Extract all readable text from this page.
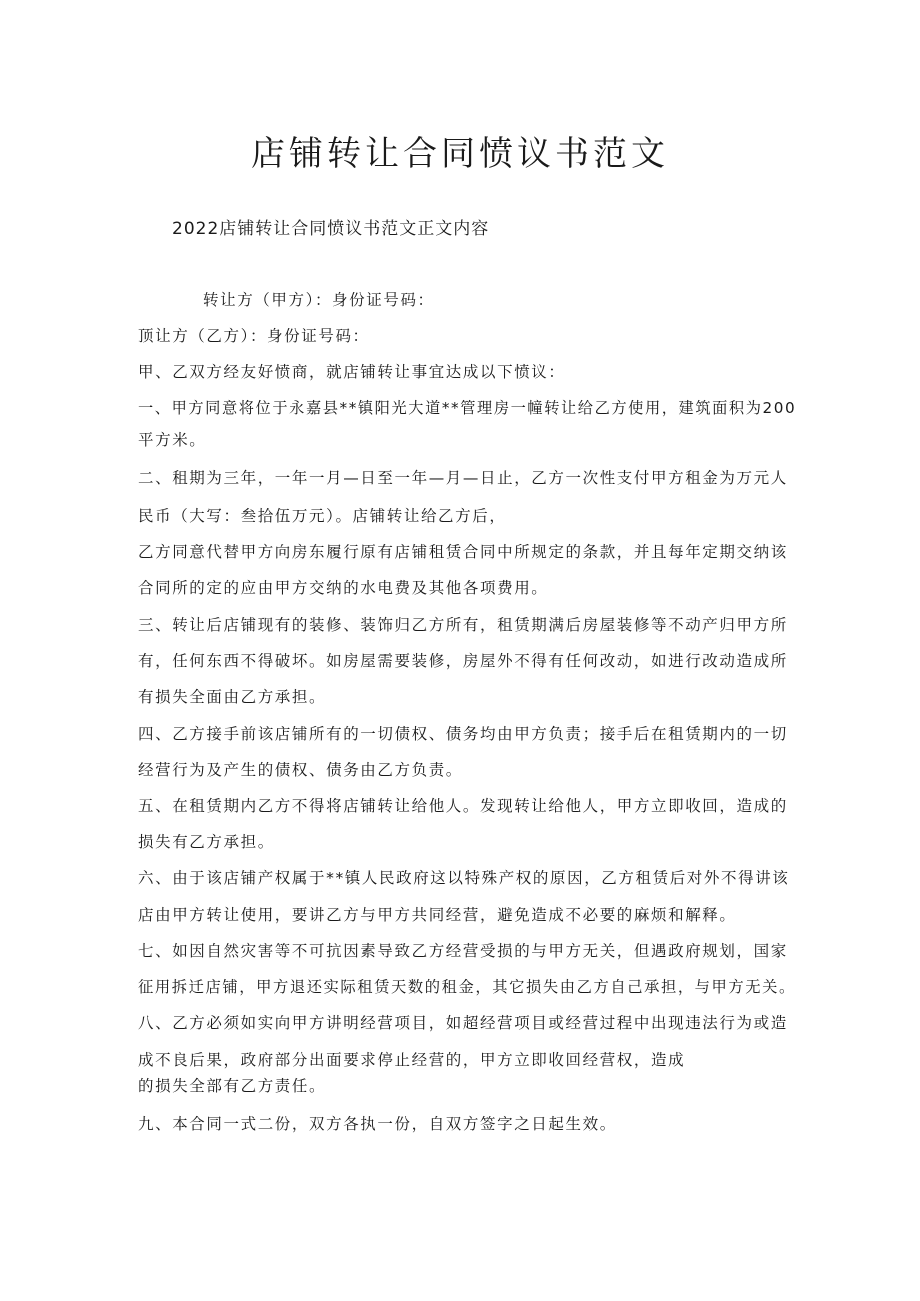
店铺转让合同愤议书范文
2022店铺转让合同愤议书范文正文内容
转让方（甲方）：身份证号码：
顶让方（乙方）：身份证号码：
甲、乙双方经友好愤商，就店铺转让事宜达成以下愤议：
一、甲方同意将位于永嘉县**镇阳光大道**管理房一幢转让给乙方使用，建筑面积为200
平方米。
二、租期为三年，一年一月—日至一年—月—日止，乙方一次性支付甲方租金为万元人
民币（大写：叁拾伍万元）。店铺转让给乙方后，
乙方同意代替甲方向房东履行原有店铺租赁合同中所规定的条款，并且每年定期交纳该
合同所的定的应由甲方交纳的水电费及其他各项费用。
三、转让后店铺现有的装修、装饰归乙方所有，租赁期满后房屋装修等不动产归甲方所
有，任何东西不得破坏。如房屋需要装修，房屋外不得有任何改动，如进行改动造成所
有损失全面由乙方承担。
四、乙方接手前该店铺所有的一切债权、债务均由甲方负责；接手后在租赁期内的一切
经营行为及产生的债权、债务由乙方负责。
五、在租赁期内乙方不得将店铺转让给他人。发现转让给他人，甲方立即收回，造成的
损失有乙方承担。
六、由于该店铺产权属于**镇人民政府这以特殊产权的原因，乙方租赁后对外不得讲该
店由甲方转让使用，要讲乙方与甲方共同经营，避免造成不必要的麻烦和解释。
七、如因自然灾害等不可抗因素导致乙方经营受损的与甲方无关，但遇政府规划，国家
征用拆迁店铺，甲方退还实际租赁天数的租金，其它损失由乙方自己承担，与甲方无关。
八、乙方必须如实向甲方讲明经营项目，如超经营项目或经营过程中出现违法行为或造
成不良后果，政府部分出面要求停止经营的，甲方立即收回经营权，造成
的损失全部有乙方责任。
九、本合同一式二份，双方各执一份，自双方签字之日起生效。
